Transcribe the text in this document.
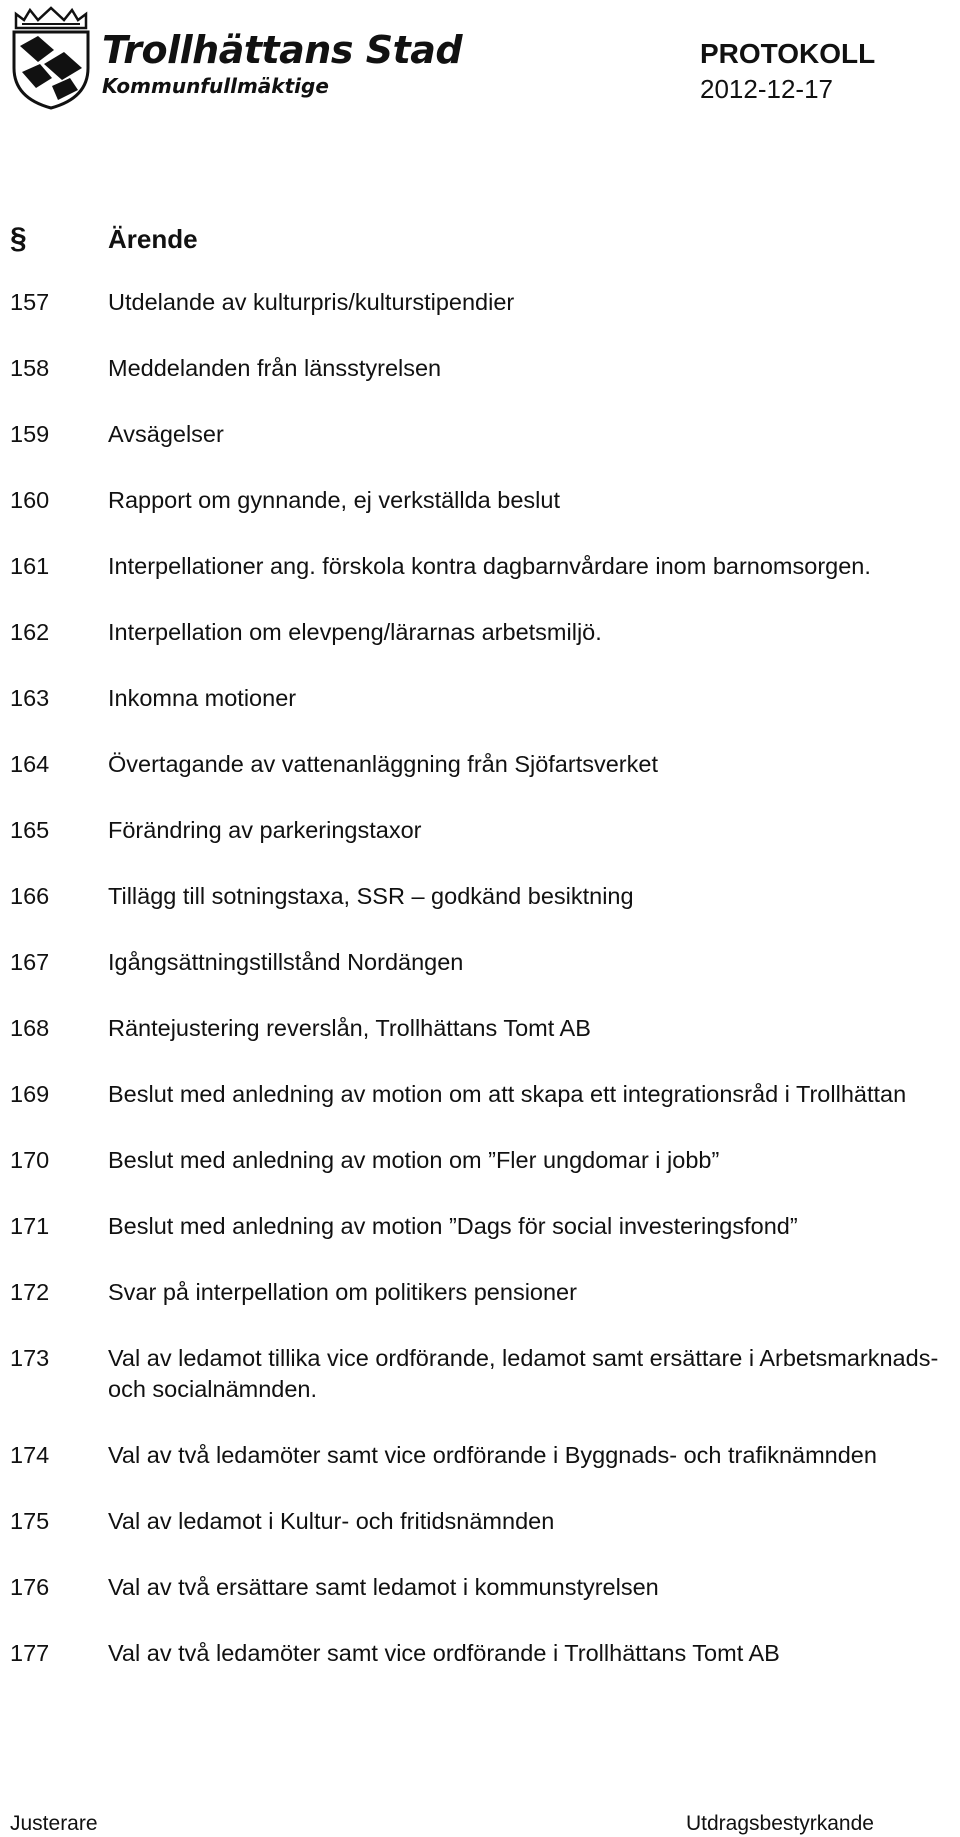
Trollhättans Stad
Kommunfullmäktige
PROTOKOLL
2012-12-17
§	Ärende
157	Utdelande av kulturpris/kulturstipendier
158	Meddelanden från länsstyrelsen
159	Avsägelser
160	Rapport om gynnande, ej verkställda beslut
161	Interpellationer ang. förskola kontra dagbarnvårdare inom barnomsorgen.
162	Interpellation om elevpeng/lärarnas arbetsmiljö.
163	Inkomna motioner
164	Övertagande av vattenanläggning från Sjöfartsverket
165	Förändring av parkeringstaxor
166	Tillägg till sotningstaxa, SSR – godkänd besiktning
167	Igångsättningstillstånd Nordängen
168	Räntejustering reverslån, Trollhättans Tomt AB
169	Beslut med anledning av motion om att skapa ett integrationsråd i Trollhättan
170	Beslut med anledning av motion om ”Fler ungdomar i jobb”
171	Beslut med anledning av motion ”Dags för social investeringsfond”
172	Svar på interpellation om politikers pensioner
173	Val av ledamot tillika vice ordförande, ledamot samt ersättare i Arbetsmarknads- och socialnämnden.
174	Val av två ledamöter samt vice ordförande i Byggnads- och trafiknämnden
175	Val av ledamot i Kultur- och fritidsnämnden
176	Val av två ersättare samt ledamot i kommunstyrelsen
177	Val av två ledamöter samt vice ordförande i Trollhättans Tomt AB
Justerare	Utdragsbestyrkande
